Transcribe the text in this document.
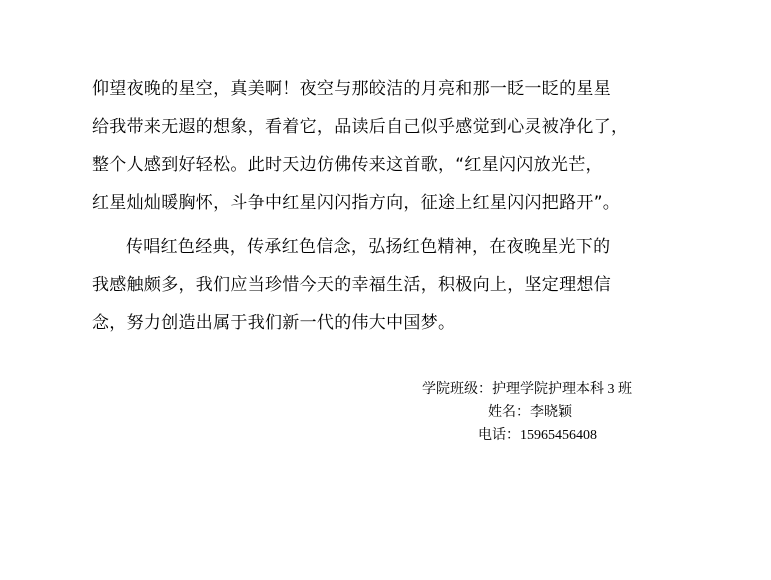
仰望夜晚的星空，真美啊！夜空与那皎洁的月亮和那一眨一眨的星星
给我带来无遐的想象，看着它，品读后自己似乎感觉到心灵被净化了，
整个人感到好轻松。此时天边仿佛传来这首歌，“红星闪闪放光芒，
红星灿灿暖胸怀，斗争中红星闪闪指方向，征途上红星闪闪把路开”。
传唱红色经典，传承红色信念，弘扬红色精神，在夜晚星光下的
我感触颇多，我们应当珍惜今天的幸福生活，积极向上，坚定理想信
念，努力创造出属于我们新一代的伟大中国梦。
学院班级：护理学院护理本科 3 班
姓名：李晓颖
电话：15965456408
